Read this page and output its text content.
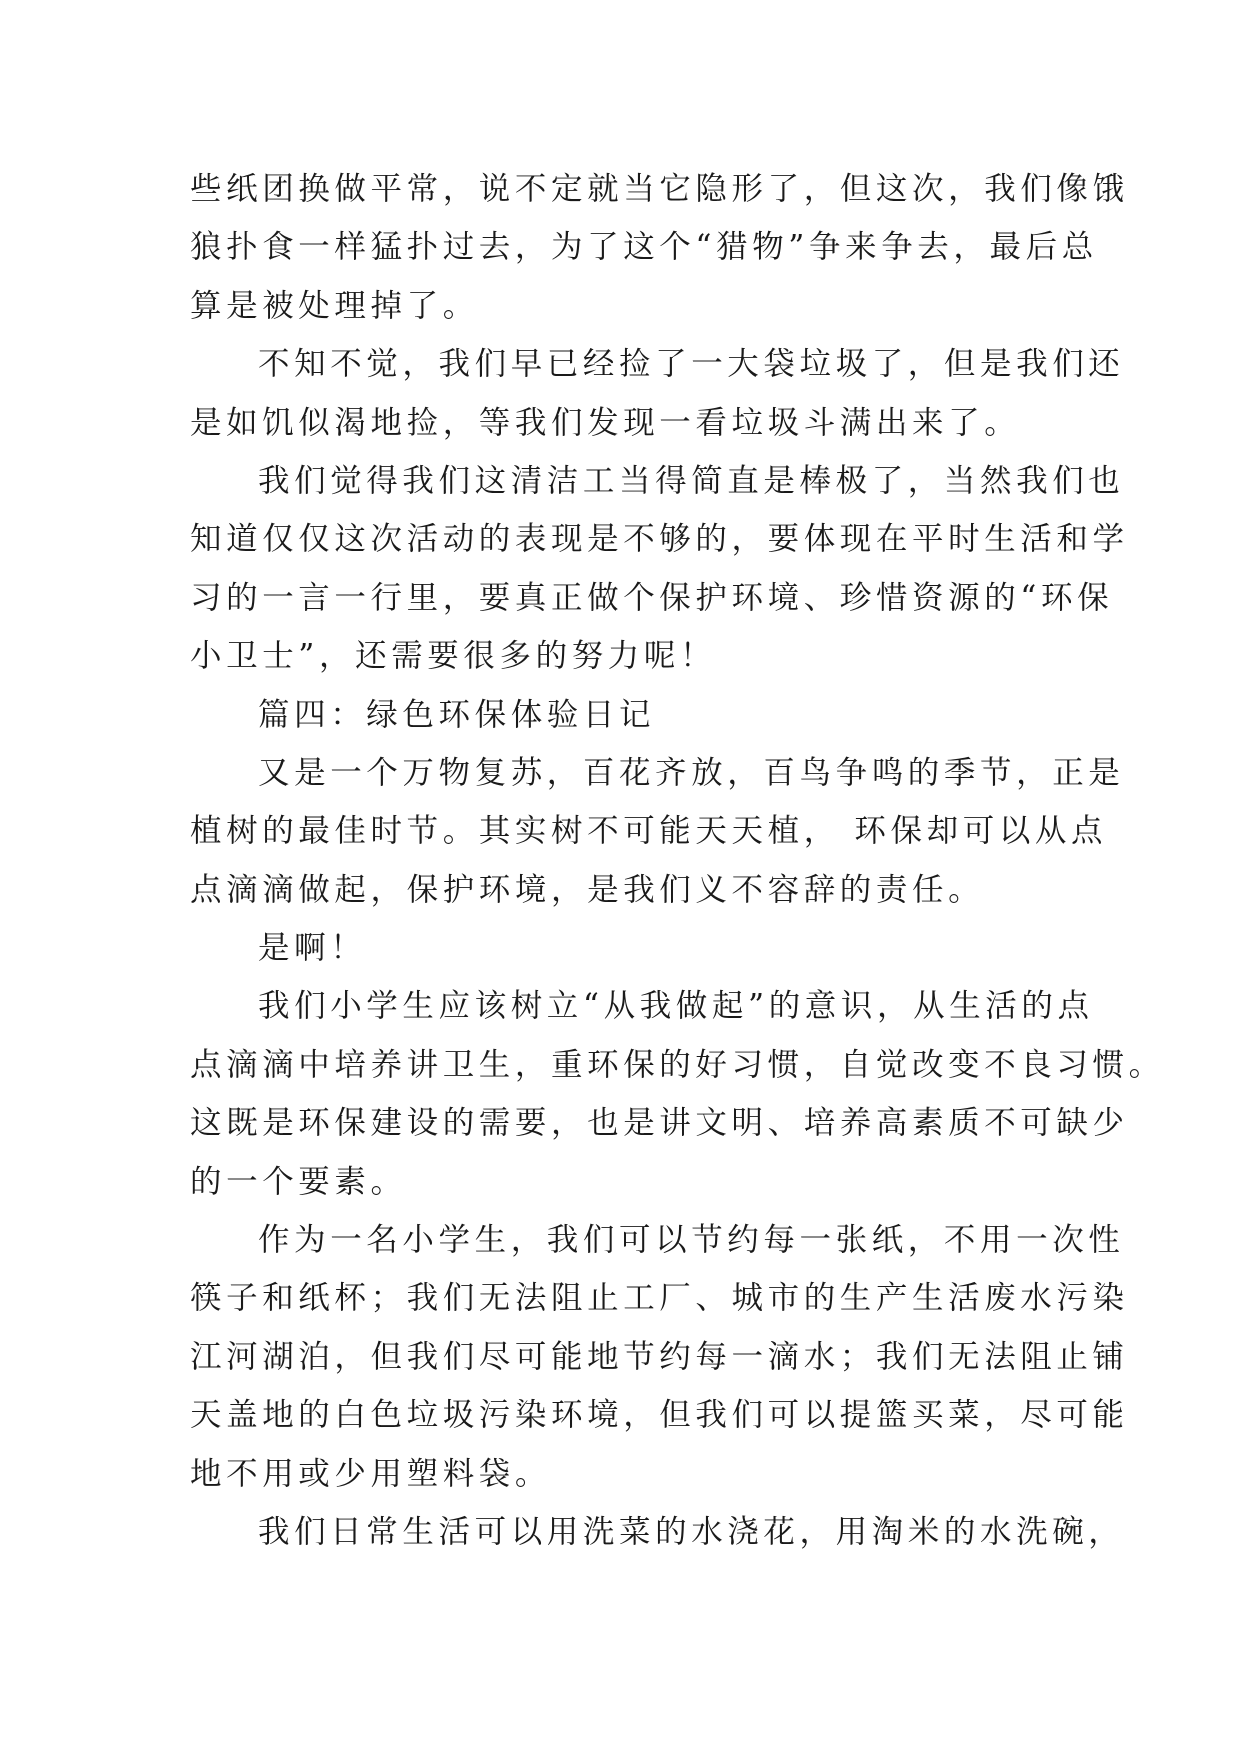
些纸团换做平常，说不定就当它隐形了，但这次，我们像饿
狼扑食一样猛扑过去，为了这个“猎物”争来争去，最后总
算是被处理掉了。
不知不觉，我们早已经捡了一大袋垃圾了，但是我们还
是如饥似渴地捡，等我们发现一看垃圾斗满出来了。
我们觉得我们这清洁工当得简直是棒极了，当然我们也
知道仅仅这次活动的表现是不够的，要体现在平时生活和学
习的一言一行里，要真正做个保护环境、珍惜资源的“环保
小卫士”，还需要很多的努力呢！
篇四：绿色环保体验日记
又是一个万物复苏，百花齐放，百鸟争鸣的季节，正是
植树的最佳时节。其实树不可能天天植， 环保却可以从点
点滴滴做起，保护环境，是我们义不容辞的责任。
是啊！
我们小学生应该树立“从我做起”的意识，从生活的点
点滴滴中培养讲卫生，重环保的好习惯，自觉改变不良习惯。
这既是环保建设的需要，也是讲文明、培养高素质不可缺少
的一个要素。
作为一名小学生，我们可以节约每一张纸，不用一次性
筷子和纸杯；我们无法阻止工厂、城市的生产生活废水污染
江河湖泊，但我们尽可能地节约每一滴水；我们无法阻止铺
天盖地的白色垃圾污染环境，但我们可以提篮买菜，尽可能
地不用或少用塑料袋。
我们日常生活可以用洗菜的水浇花，用淘米的水洗碗，
